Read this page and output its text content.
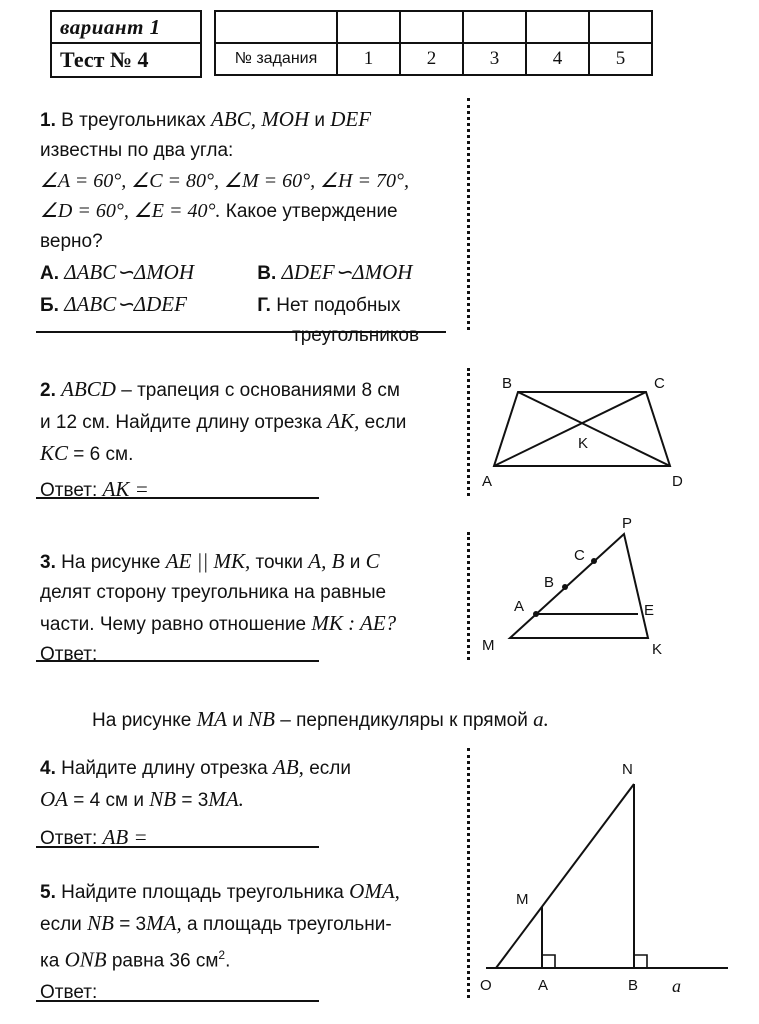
вариант 1
Тест № 4
						№ задания	1	2	3	4	5
1. В треугольниках ABC, MOH и DEF
известны по два угла:
∠A = 60°, ∠C = 80°, ∠M = 60°, ∠H = 70°,
∠D = 60°, ∠E = 40°. Какое утверждение
верно?
А. ΔABC∽ΔMOH	В. ΔDEF∽ΔMOH
Б. ΔABC∽ΔDEF	Г. Нет подобных
треугольников
2. ABCD – трапеция с основаниями 8 см
и 12 см. Найдите длину отрезка AK, если
KC = 6 см.
Ответ: AK =
B	C
K
A	D
3. На рисунке AE || MK, точки A, B и C
делят сторону треугольника на равные
части. Чему равно отношение MK : AE?
Ответ:
P
C
B
A	E
M	K
На рисунке MA и NB – перпендикуляры к прямой a.
4. Найдите длину отрезка AB, если
OA = 4 см и NB = 3MA.
Ответ: AB =
5. Найдите площадь треугольника OMA,
если NB = 3MA, а площадь треугольни-
ка ONB равна 36 $см^2$.
Ответ:
N
M
O	A	B a
